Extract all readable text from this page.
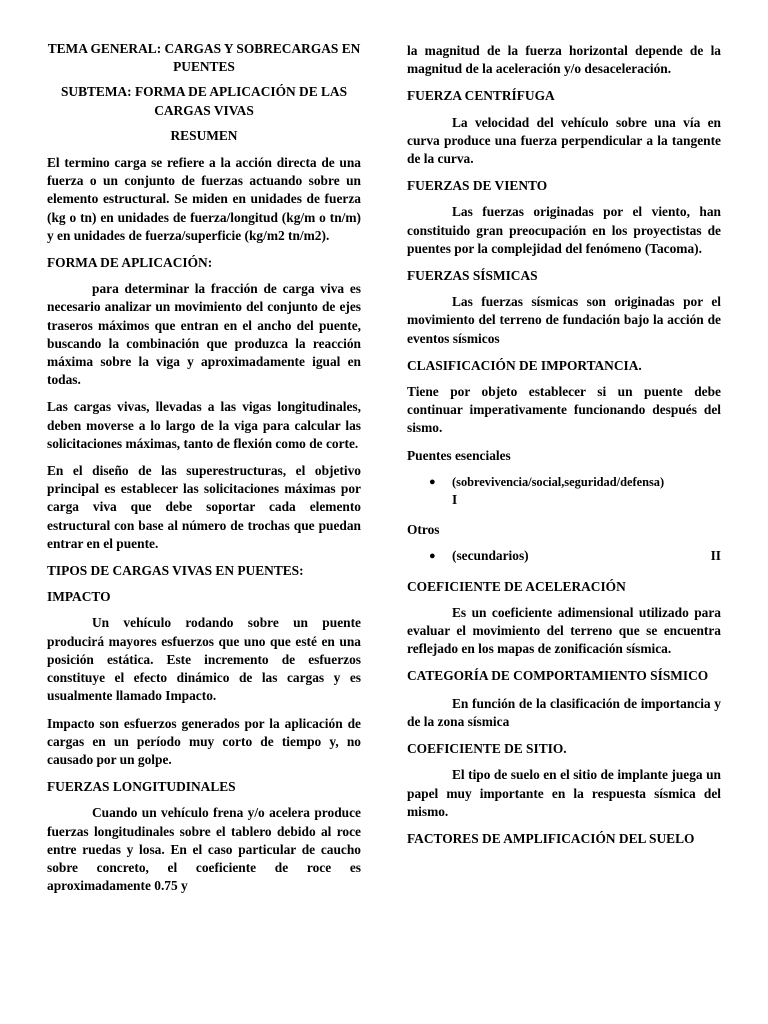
TEMA GENERAL: CARGAS Y SOBRECARGAS EN PUENTES

SUBTEMA: FORMA DE APLICACIÓN DE LAS CARGAS VIVAS

RESUMEN

El termino carga se refiere a la acción directa de una fuerza o un conjunto de fuerzas actuando sobre un elemento estructural. Se miden en unidades de fuerza (kg o tn) en unidades de fuerza/longitud (kg/m o tn/m) y en unidades de fuerza/superficie (kg/m2 tn/m2).

FORMA DE APLICACIÓN:

para determinar la fracción de carga viva es necesario analizar un movimiento del conjunto de ejes traseros máximos que entran en el ancho del puente, buscando la combinación que produzca la reacción máxima sobre la viga y aproximadamente igual en todas.

Las cargas vivas, llevadas a las vigas longitudinales, deben moverse a lo largo de la viga para calcular las solicitaciones máximas, tanto de flexión como de corte.

En el diseño de las superestructuras, el objetivo principal es establecer las solicitaciones máximas por carga viva que debe soportar cada elemento estructural con base al número de trochas que puedan entrar en el puente.

TIPOS DE CARGAS VIVAS EN PUENTES:

IMPACTO

Un vehículo rodando sobre un puente producirá mayores esfuerzos que uno que esté en una posición estática. Este incremento de esfuerzos constituye el efecto dinámico de las cargas y es usualmente llamado Impacto.

Impacto son esfuerzos generados por la aplicación de cargas en un período muy corto de tiempo y, no causado por un golpe.

FUERZAS LONGITUDINALES

Cuando un vehículo frena y/o acelera produce fuerzas longitudinales sobre el tablero debido al roce entre ruedas y losa. En el caso particular de caucho sobre concreto, el coeficiente de roce es aproximadamente 0.75 y

la magnitud de la fuerza horizontal depende de la magnitud de la aceleración y/o desaceleración.

FUERZA CENTRÍFUGA

La velocidad del vehículo sobre una vía en curva produce una fuerza perpendicular a la tangente de la curva.

FUERZAS DE VIENTO

Las fuerzas originadas por el viento, han constituido gran preocupación en los proyectistas de puentes por la complejidad del fenómeno (Tacoma).

FUERZAS SÍSMICAS

Las fuerzas sísmicas son originadas por el movimiento del terreno de fundación bajo la acción de eventos sísmicos

CLASIFICACIÓN DE IMPORTANCIA.

Tiene por objeto establecer si un puente debe continuar imperativamente funcionando después del sismo.

Puentes esenciales

● (sobrevivencia/social,seguridad/defensa)
I

Otros

● (secundarios)	II

COEFICIENTE DE ACELERACIÓN

Es un coeficiente adimensional utilizado para evaluar el movimiento del terreno que se encuentra reflejado en los mapas de zonificación sísmica.

CATEGORÍA DE COMPORTAMIENTO SÍSMICO

En función de la clasificación de importancia y de la zona sísmica

COEFICIENTE DE SITIO.

El tipo de suelo en el sitio de implante juega un papel muy importante en la respuesta sísmica del mismo.

FACTORES DE AMPLIFICACIÓN DEL SUELO
